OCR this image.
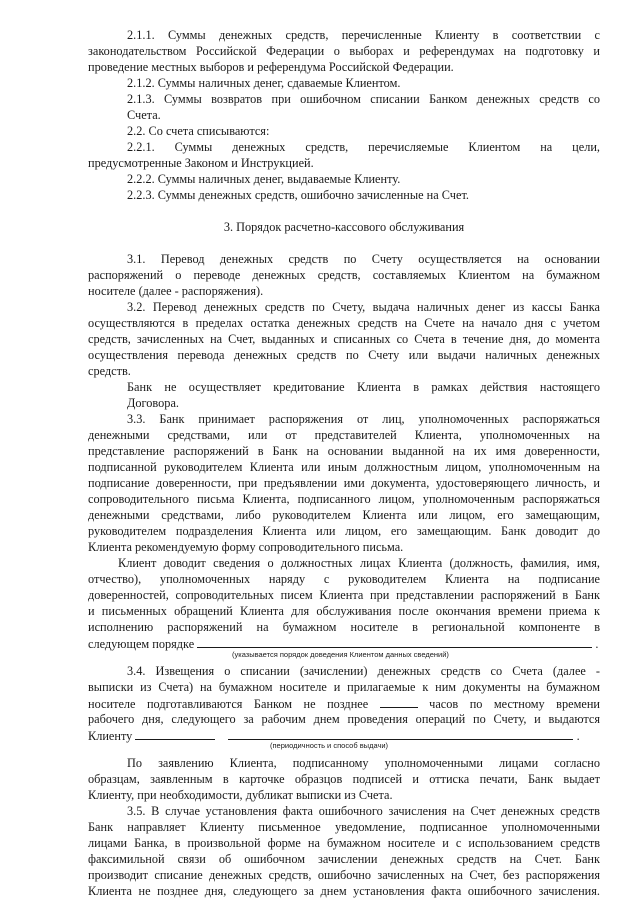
2.1.1. Суммы денежных средств, перечисленные Клиенту в соответствии с
законодательством Российской Федерации о выборах и референдумах на подготовку и
проведение местных выборов и референдума Российской Федерации.
2.1.2. Суммы наличных денег, сдаваемые Клиентом.
2.1.3. Суммы возвратов при ошибочном списании Банком денежных средств со
Счета.
2.2. Со счета списываются:
2.2.1. Суммы денежных средств, перечисляемые Клиентом на цели,
предусмотренные Законом и Инструкцией.
2.2.2. Суммы наличных денег, выдаваемые Клиенту.
2.2.3. Суммы денежных средств, ошибочно зачисленные на Счет.
3. Порядок расчетно-кассового обслуживания
3.1. Перевод денежных средств по Счету осуществляется на основании
распоряжений о переводе денежных средств, составляемых Клиентом на бумажном
носителе (далее - распоряжения).
3.2. Перевод денежных средств по Счету, выдача наличных денег из кассы Банка
осуществляются в пределах остатка денежных средств на Счете на начало дня с учетом
средств, зачисленных на Счет, выданных и списанных со Счета в течение дня, до момента
осуществления перевода денежных средств по Счету или выдачи наличных денежных
средств.
Банк не осуществляет кредитование Клиента в рамках действия настоящего
Договора.
3.3. Банк принимает распоряжения от лиц, уполномоченных распоряжаться
денежными средствами, или от представителей Клиента, уполномоченных на
представление распоряжений в Банк на основании выданной на их имя доверенности,
подписанной руководителем Клиента или иным должностным лицом, уполномоченным на
подписание доверенности, при предъявлении ими документа, удостоверяющего личность, и
сопроводительного письма Клиента, подписанного лицом, уполномоченным распоряжаться
денежными средствами, либо руководителем Клиента или лицом, его замещающим,
руководителем подразделения Клиента или лицом, его замещающим. Банк доводит до
Клиента рекомендуемую форму сопроводительного письма.
Клиент доводит сведения о должностных лицах Клиента (должность, фамилия, имя,
отчество), уполномоченных наряду с руководителем Клиента на подписание
доверенностей, сопроводительных писем Клиента при представлении распоряжений в Банк
и письменных обращений Клиента для обслуживания после окончания времени приема к
исполнению распоряжений на бумажном носителе в региональной компоненте в
3.4. Извещения о списании (зачислении) денежных средств со Счета (далее -
выписки из Счета) на бумажном носителе и прилагаемые к ним документы на бумажном
рабочего дня, следующего за рабочим днем проведения операций по Счету, и выдаются
По заявлению Клиента, подписанному уполномоченными лицами согласно
образцам, заявленным в карточке образцов подписей и оттиска печати, Банк выдает
Клиенту, при необходимости, дубликат выписки из Счета.
3.5. В случае установления факта ошибочного зачисления на Счет денежных средств
Банк направляет Клиенту письменное уведомление, подписанное уполномоченными
лицами Банка, в произвольной форме на бумажном носителе и с использованием средств
факсимильной связи об ошибочном зачислении денежных средств на Счет. Банк
производит списание денежных средств, ошибочно зачисленных на Счет, без распоряжения
Клиента не позднее дня, следующего за днем установления факта ошибочного зачисления.
следующем порядке	.
(указывается порядок доведения Клиентом данных сведений)
носителе подготавливаются Банком не позднее	часов по местному времени
Клиенту	.
(периодичность и способ выдачи)
